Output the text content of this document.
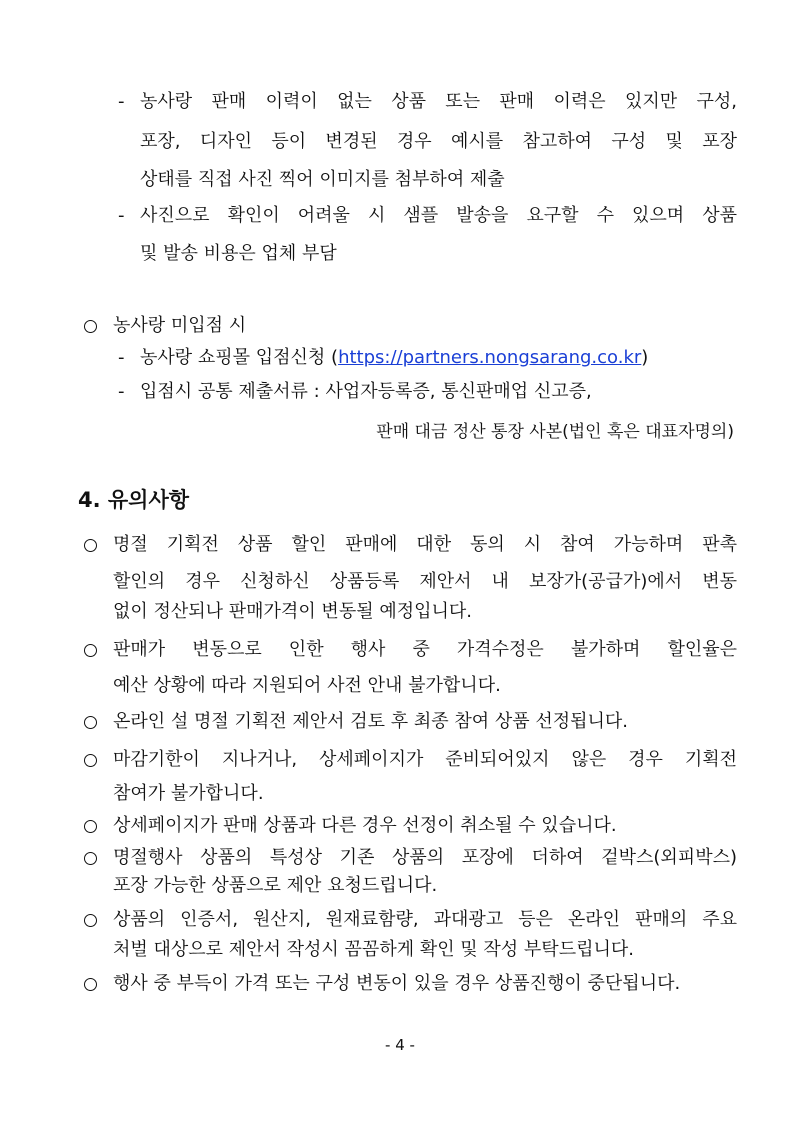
농사랑 미입점 시
- 농사랑 쇼핑몰 입점신청 (https://partners.nongsarang.co.kr)
- 입점시 공통 제출서류 : 사업자등록증, 통신판매업 신고증,
판매 대금 정산 통장 사본(법인 혹은 대표자명의)
4. 유의사항
- 4 -
- 농사랑 판매 이력이 없는 상품 또는 판매 이력은 있지만 구성,
포장, 디자인 등이 변경된 경우 예시를 참고하여 구성 및 포장
상태를 직접 사진 찍어 이미지를 첨부하여 제출
- 사진으로 확인이 어려울 시 샘플 발송을 요구할 수 있으며 상품
및 발송 비용은 업체 부담
명절 기획전 상품 할인 판매에 대한 동의 시 참여 가능하며 판촉
할인의 경우 신청하신 상품등록 제안서 내 보장가(공급가)에서 변동
없이 정산되나 판매가격이 변동될 예정입니다.
판매가 변동으로 인한 행사 중 가격수정은 불가하며 할인율은
예산 상황에 따라 지원되어 사전 안내 불가합니다.
온라인 설 명절 기획전 제안서 검토 후 최종 참여 상품 선정됩니다.
마감기한이 지나거나, 상세페이지가 준비되어있지 않은 경우 기획전
참여가 불가합니다.
상세페이지가 판매 상품과 다른 경우 선정이 취소될 수 있습니다.
명절행사 상품의 특성상 기존 상품의 포장에 더하여 겉박스(외피박스)
포장 가능한 상품으로 제안 요청드립니다.
상품의 인증서, 원산지, 원재료함량, 과대광고 등은 온라인 판매의 주요
처벌 대상으로 제안서 작성시 꼼꼼하게 확인 및 작성 부탁드립니다.
행사 중 부득이 가격 또는 구성 변동이 있을 경우 상품진행이 중단됩니다.
